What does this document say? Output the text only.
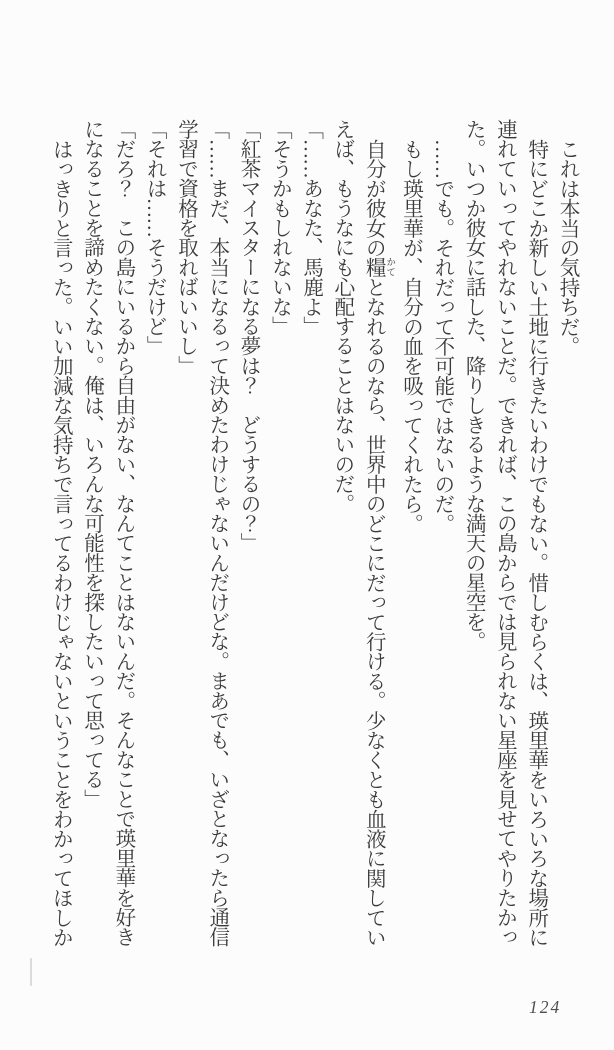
これは本当の気持ちだ。
特にどこか新しい土地に行きたいわけでもない。惜しむらくは、瑛里華をいろいろな場所に
連れていってやれないことだ。できれば、この島からでは見られない星座を見せてやりたかっ
た。いつか彼女に話した、降りしきるような満天の星空を。
……でも。それだって不可能ではないのだ。
もし瑛里華が、自分の血を吸ってくれたら。
自分が彼女の糧 かてとなれるのなら、世界中のどこにだって行ける。少なくとも血液に関してい
えば、もうなにも心配することはないのだ。
「……あなた、馬鹿よ」
「そうかもしれないな」
「紅茶マイスターになる夢は？　どうするの？」
「……まだ、本当になるって決めたわけじゃないんだけどな。まあでも、いざとなったら通信
学習で資格を取ればいいし」
「それは……そうだけど」
「だろ？　この島にいるから自由がない、なんてことはないんだ。そんなことで瑛里華を好き
になることを諦めたくない。俺は、いろんな可能性を探したいって思ってる」
はっきりと言った。いい加減な気持ちで言ってるわけじゃないということをわかってほしか
124
